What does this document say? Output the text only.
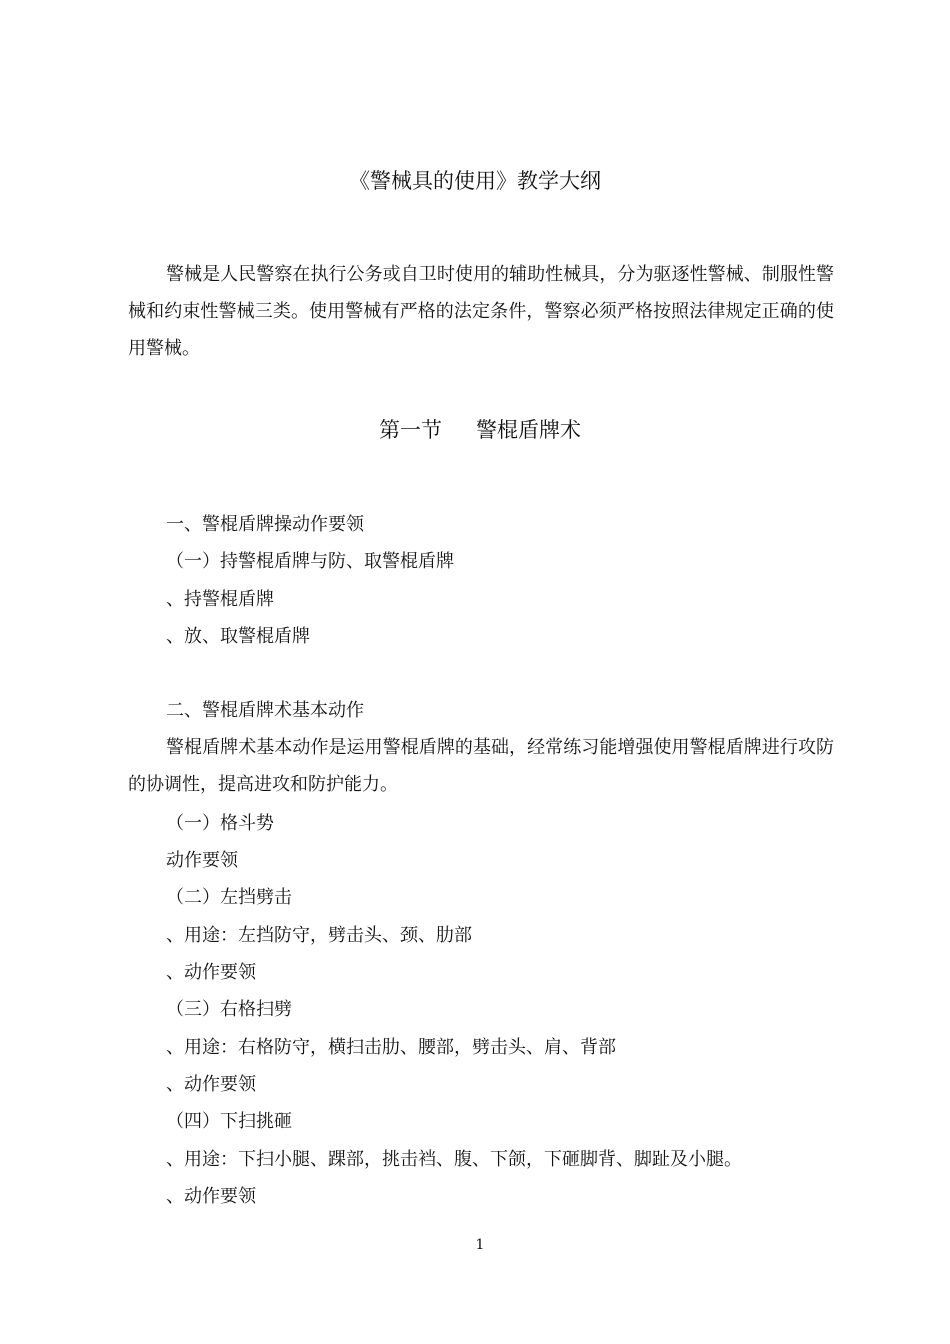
《警械具的使用》教学大纲
警械是人民警察在执行公务或自卫时使用的辅助性械具，分为驱逐性警械、制服性警械和约束性警械三类。使用警械有严格的法定条件，警察必须严格按照法律规定正确的使用警械。
第一节 警棍盾牌术
一、警棍盾牌操动作要领
（一）持警棍盾牌与防、取警棍盾牌
、持警棍盾牌
、放、取警棍盾牌
二、警棍盾牌术基本动作
警棍盾牌术基本动作是运用警棍盾牌的基础，经常练习能增强使用警棍盾牌进行攻防的协调性，提高进攻和防护能力。
（一）格斗势
动作要领
（二）左挡劈击
、用途：左挡防守，劈击头、颈、肋部
、动作要领
（三）右格扫劈
、用途：右格防守，横扫击肋、腰部，劈击头、肩、背部
、动作要领
（四）下扫挑砸
、用途：下扫小腿、踝部，挑击裆、腹、下颌，下砸脚背、脚趾及小腿。
、动作要领
1
